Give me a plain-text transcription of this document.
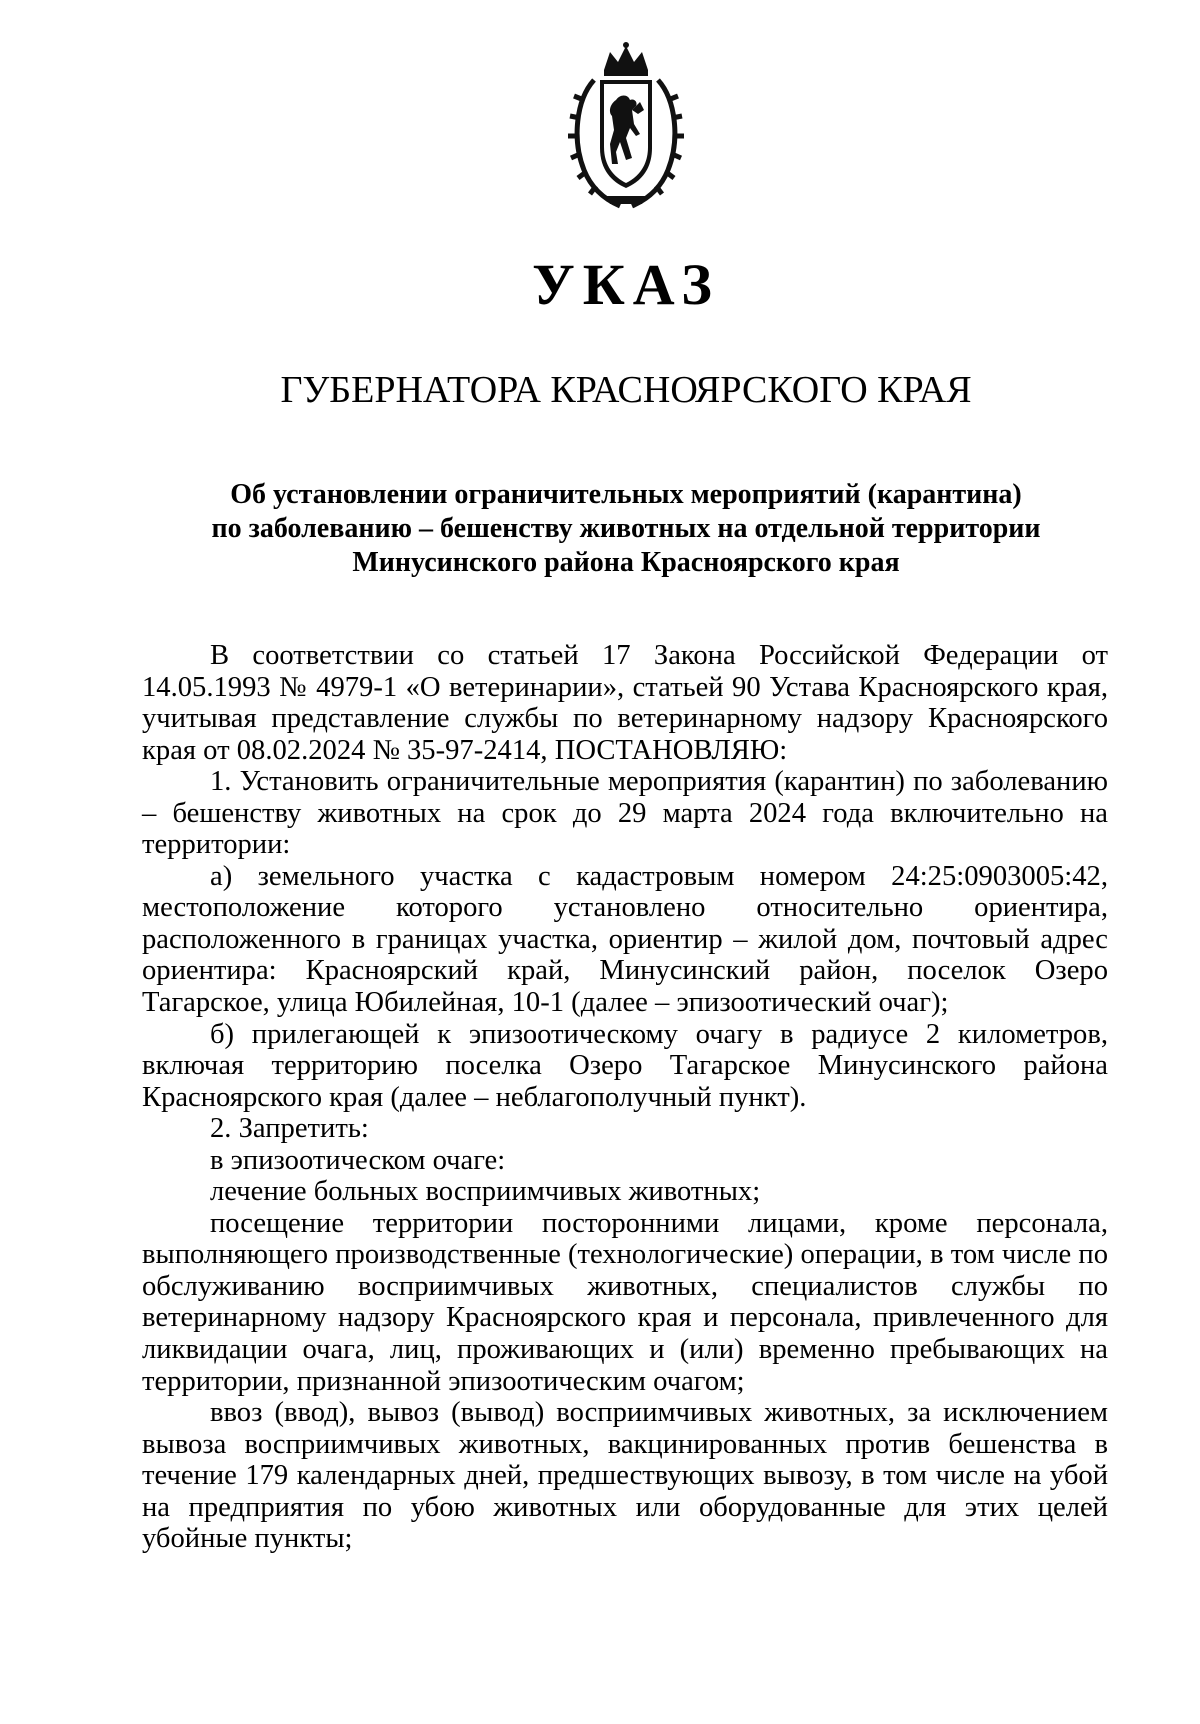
УКАЗ
ГУБЕРНАТОРА КРАСНОЯРСКОГО КРАЯ
Об установлении ограничительных мероприятий (карантина)
по заболеванию – бешенству животных на отдельной территории
Минусинского района Красноярского края

В соответствии со статьей 17 Закона Российской Федерации от 14.05.1993 № 4979-1 «О ветеринарии», статьей 90 Устава Красноярского края, учитывая представление службы по ветеринарному надзору Красноярского края от 08.02.2024 № 35-97-2414, ПОСТАНОВЛЯЮ:

1. Установить ограничительные мероприятия (карантин) по заболеванию – бешенству животных на срок до 29 марта 2024 года включительно на территории:

а) земельного участка с кадастровым номером 24:25:0903005:42, местоположение которого установлено относительно ориентира, расположенного в границах участка, ориентир – жилой дом, почтовый адрес ориентира: Красноярский край, Минусинский район, поселок Озеро Тагарское, улица Юбилейная, 10-1 (далее – эпизоотический очаг);

б) прилегающей к эпизоотическому очагу в радиусе 2 километров, включая территорию поселка Озеро Тагарское Минусинского района Красноярского края (далее – неблагополучный пункт).

2. Запретить:

в эпизоотическом очаге:

лечение больных восприимчивых животных;

посещение территории посторонними лицами, кроме персонала, выполняющего производственные (технологические) операции, в том числе по обслуживанию восприимчивых животных, специалистов службы по ветеринарному надзору Красноярского края и персонала, привлеченного для ликвидации очага, лиц, проживающих и (или) временно пребывающих на территории, признанной эпизоотическим очагом;

ввоз (ввод), вывоз (вывод) восприимчивых животных, за исключением вывоза восприимчивых животных, вакцинированных против бешенства в течение 179 календарных дней, предшествующих вывозу, в том числе на убой на предприятия по убою животных или оборудованные для этих целей убойные пункты;
